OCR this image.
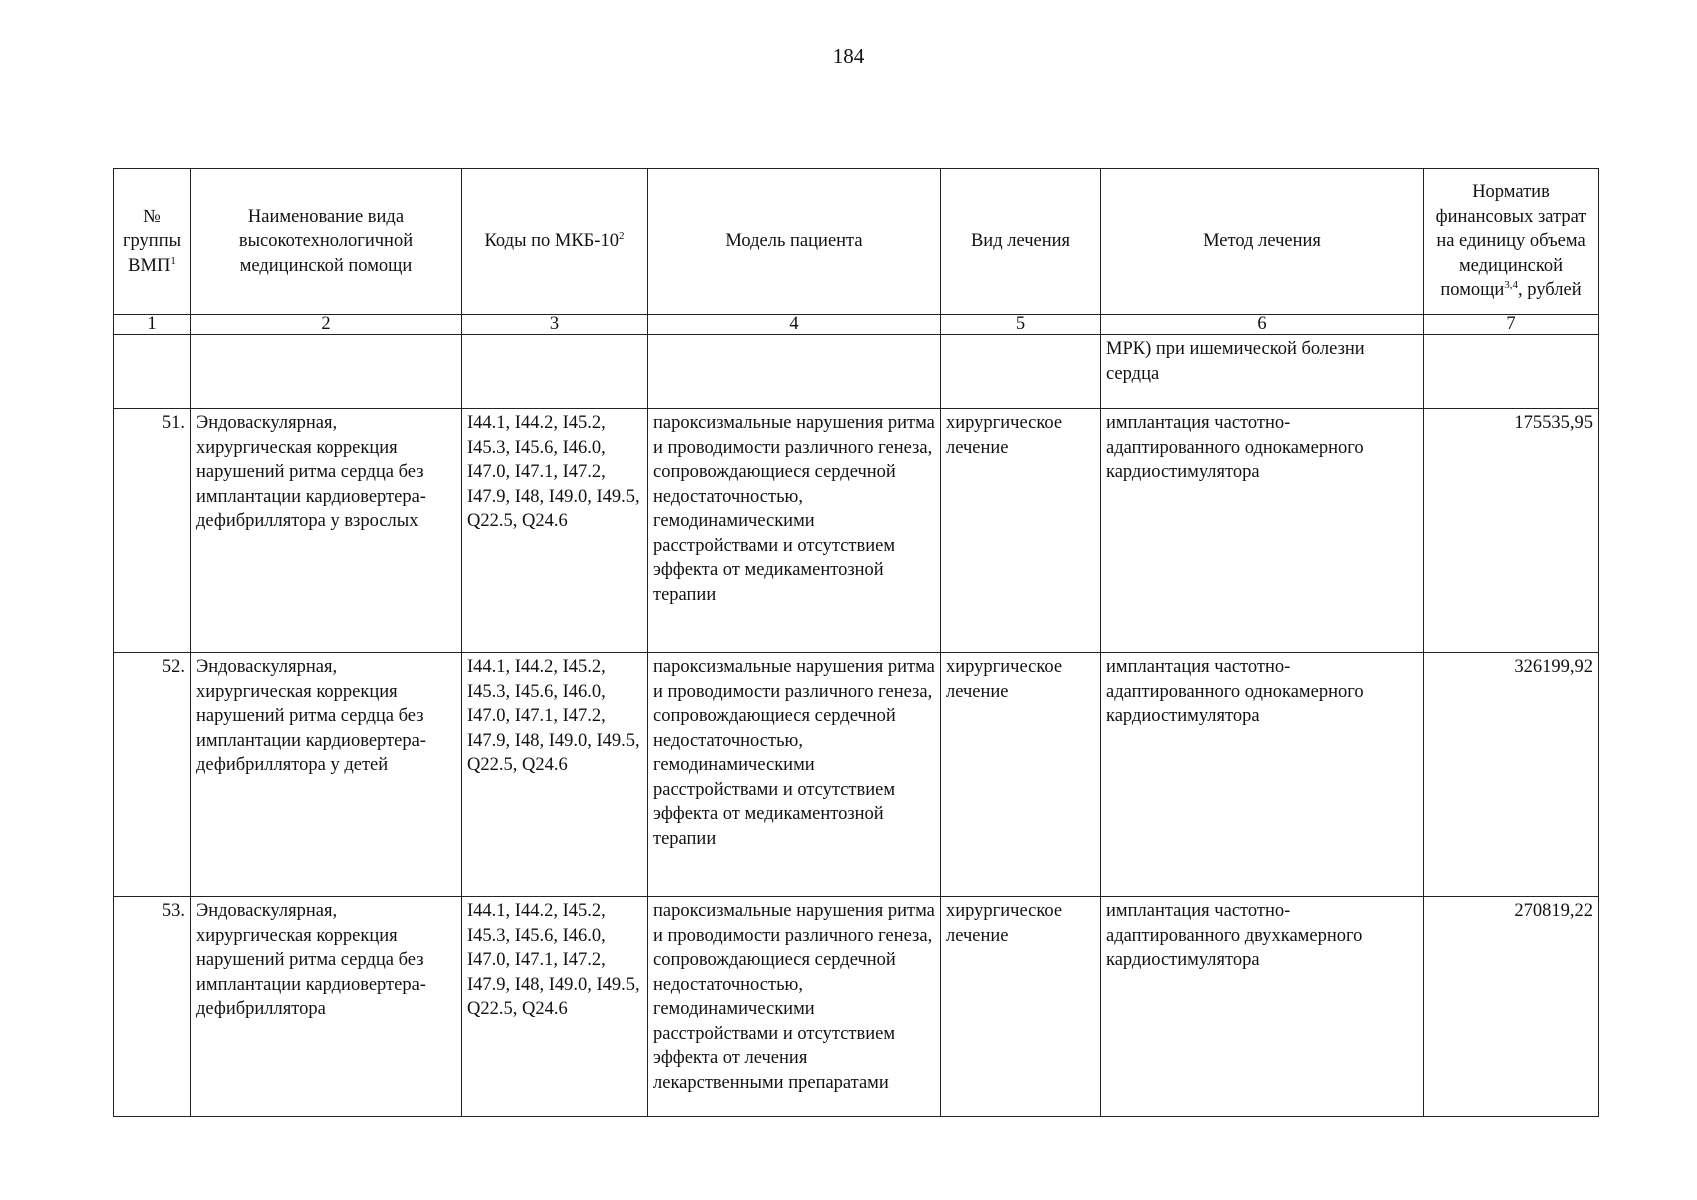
184
№ группы ВМП$^1$	Наименование вида высокотехнологичной медицинской помощи	Коды по МКБ-$10^2$	Модель пациента	Вид лечения	Метод лечения	Норматив финансовых затрат на единицу объема медицинской помощи$^{3,4}$, рублей
1	2	3	4	5	6	7
					МРК) при ишемической болезни сердца	
51.	Эндоваскулярная, хирургическая коррекция нарушений ритма сердца без имплантации кардиовертера-дефибриллятора у взрослых	I44.1, I44.2, I45.2, I45.3, I45.6, I46.0, I47.0, I47.1, I47.2, I47.9, I48, I49.0, I49.5, Q22.5, Q24.6	пароксизмальные нарушения ритма и проводимости различного генеза, сопровождающиеся сердечной недостаточностью, гемодинамическими расстройствами и отсутствием эффекта от медикаментозной терапии	хирургическое лечение	имплантация частотно-адаптированного однокамерного кардиостимулятора	175535,95
52.	Эндоваскулярная, хирургическая коррекция нарушений ритма сердца без имплантации кардиовертера-дефибриллятора у детей	I44.1, I44.2, I45.2, I45.3, I45.6, I46.0, I47.0, I47.1, I47.2, I47.9, I48, I49.0, I49.5, Q22.5, Q24.6	пароксизмальные нарушения ритма и проводимости различного генеза, сопровождающиеся сердечной недостаточностью, гемодинамическими расстройствами и отсутствием эффекта от медикаментозной терапии	хирургическое лечение	имплантация частотно-адаптированного однокамерного кардиостимулятора	326199,92
53.	Эндоваскулярная, хирургическая коррекция нарушений ритма сердца без имплантации кардиовертера-дефибриллятора	I44.1, I44.2, I45.2, I45.3, I45.6, I46.0, I47.0, I47.1, I47.2, I47.9, I48, I49.0, I49.5, Q22.5, Q24.6	пароксизмальные нарушения ритма и проводимости различного генеза, сопровождающиеся сердечной недостаточностью, гемодинамическими расстройствами и отсутствием эффекта от лечения лекарственными препаратами	хирургическое лечение	имплантация частотно-адаптированного двухкамерного кардиостимулятора	270819,22
